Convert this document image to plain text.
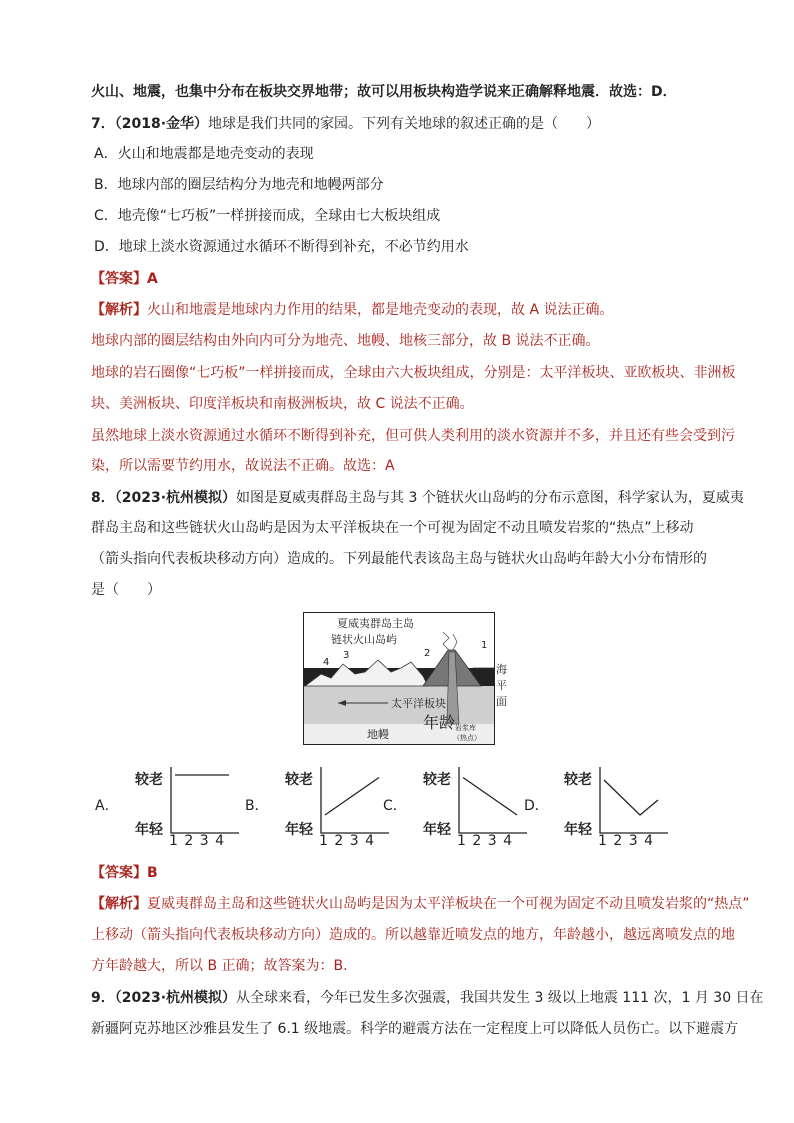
火山、地震，也集中分布在板块交界地带；故可以用板块构造学说来正确解释地震．故选：D．
7．（2018·金华）地球是我们共同的家园。下列有关地球的叙述正确的是（　　）
A．火山和地震都是地壳变动的表现
B．地球内部的圈层结构分为地壳和地幔两部分
C．地壳像“七巧板”一样拼接而成，全球由七大板块组成
D．地球上淡水资源通过水循环不断得到补充，不必节约用水
【答案】A
【解析】火山和地震是地球内力作用的结果，都是地壳变动的表现，故 A 说法正确。
地球内部的圈层结构由外向内可分为地壳、地幔、地核三部分，故 B 说法不正确。
地球的岩石圈像“七巧板”一样拼接而成，全球由六大板块组成，分别是：太平洋板块、亚欧板块、非洲板
块、美洲板块、印度洋板块和南极洲板块，故 C 说法不正确。
虽然地球上淡水资源通过水循环不断得到补充，但可供人类利用的淡水资源并不多，并且还有些会受到污
染，所以需要节约用水，故说法不正确。故选：A
8．（2023·杭州模拟）如图是夏威夷群岛主岛与其 3 个链状火山岛屿的分布示意图，科学家认为，夏威夷
群岛主岛和这些链状火山岛屿是因为太平洋板块在一个可视为固定不动且喷发岩浆的“热点”上移动
（箭头指向代表板块移动方向）造成的。下列最能代表该岛主岛与链状火山岛屿年龄大小分布情形的
是（　　）
夏威夷群岛主岛
链状火山岛屿
海平面
太平洋板块
地幔
年龄 岩浆库
（热点）
1
2
3
4
A．
较老
年轻
1 2 3 4
B．
较老
年轻
1 2 3 4
C．
较老
年轻
1 2 3 4
D．
较老
年轻
1 2 3 4
【答案】B
【解析】夏威夷群岛主岛和这些链状火山岛屿是因为太平洋板块在一个可视为固定不动且喷发岩浆的“热点”
上移动（箭头指向代表板块移动方向）造成的。所以越靠近喷发点的地方，年龄越小，越远离喷发点的地
方年龄越大，所以 B 正确；故答案为：B.
9．（2023·杭州模拟）从全球来看，今年已发生多次强震，我国共发生 3 级以上地震 111 次，1 月 30 日在
新疆阿克苏地区沙雅县发生了 6.1 级地震。科学的避震方法在一定程度上可以降低人员伤亡。以下避震方
